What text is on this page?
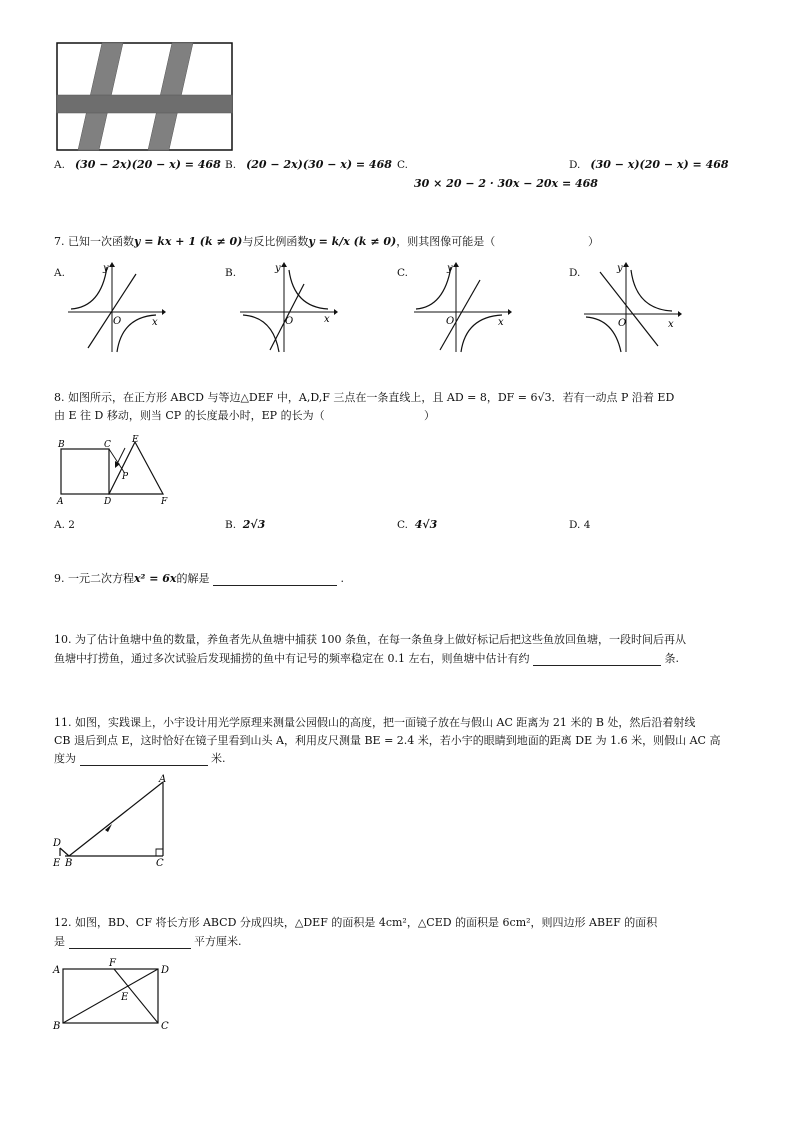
A. (30 − 2x)(20 − x) = 468 B. (20 − 2x)(30 − x) = 468 C.
30 × 20 − 2 · 30x − 20x = 468
D. (30 − x)(20 − x) = 468
7. 已知一次函数y = kx + 1 (k ≠ 0)与反比例函数y = k/x (k ≠ 0)，则其图像可能是（	）
A.	B.	C.	D.
y
x
O
y
x
O
y
x
O
y
x
O
8. 如图所示，在正方形 ABCD 与等边△DEF 中，A,D,F 三点在一条直线上，且 AD = 8，DF = 6√3．若有一动点 P 沿着 ED
由 E 往 D 移动，则当 CP 的长度最小时，EP 的长为（	）
B	C E
P
A	D	F
A. 2	B. 2√3	C. 4√3	D. 4
9. 一元二次方程x² = 6x的解是	.
10. 为了估计鱼塘中鱼的数量，养鱼者先从鱼塘中捕获 100 条鱼，在每一条鱼身上做好标记后把这些鱼放回鱼塘，一段时间后再从
鱼塘中打捞鱼，通过多次试验后发现捕捞的鱼中有记号的频率稳定在 0.1 左右，则鱼塘中估计有约	条.
11. 如图，实践课上，小宇设计用光学原理来测量公园假山的高度，把一面镜子放在与假山 AC 距离为 21 米的 B 处，然后沿着射线
CB 退后到点 E，这时恰好在镜子里看到山头 A，利用皮尺测量 BE = 2.4 米，若小宇的眼睛到地面的距离 DE 为 1.6 米，则假山 AC 高
度为	米.
A
D
E B	C
12. 如图，BD、CF 将长方形 ABCD 分成四块，△DEF 的面积是 4cm²，△CED 的面积是 6cm²，则四边形 ABEF 的面积
是	平方厘米.
A
F
D
E
B	C
